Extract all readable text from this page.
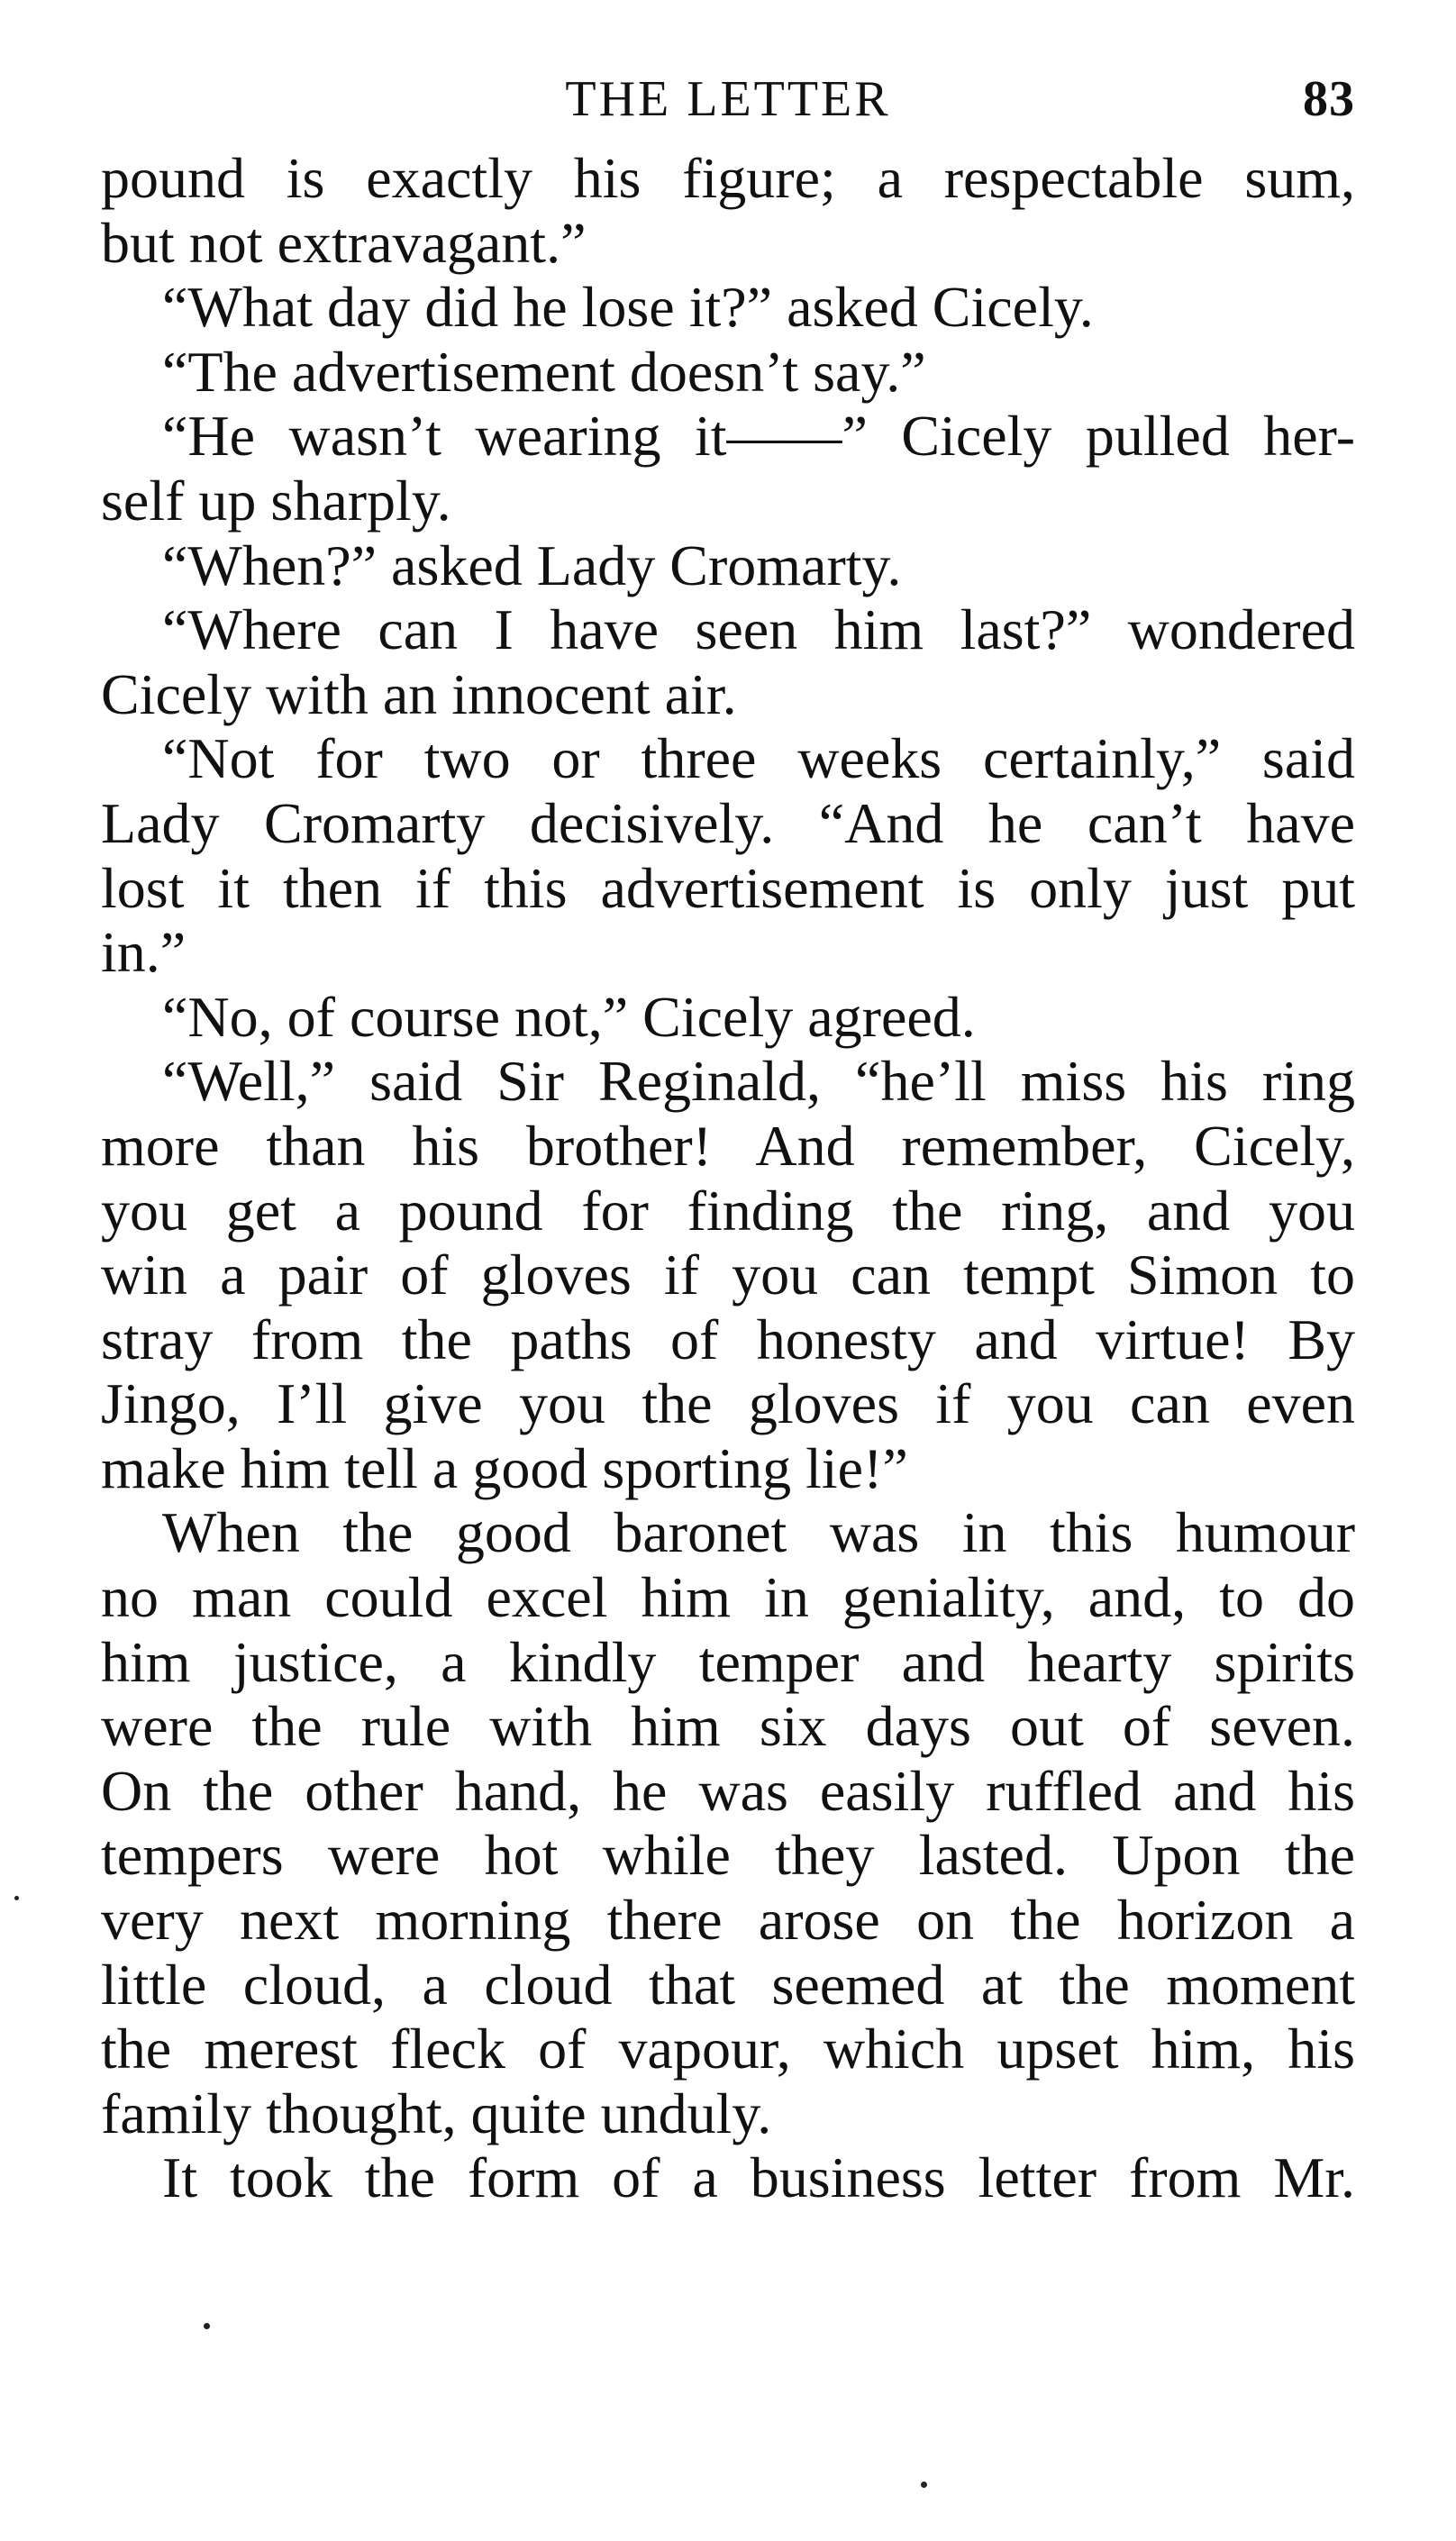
THE LETTER	83
pound is exactly his figure; a respectable sum,
but not extravagant.”
“What day did he lose it?” asked Cicely.
“The advertisement doesn’t say.”
“He wasn’t wearing it——” Cicely pulled her-
self up sharply.
“When?” asked Lady Cromarty.
“Where can I have seen him last?” wondered
Cicely with an innocent air.
“Not for two or three weeks certainly,” said
Lady Cromarty decisively. “And he can’t have
lost it then if this advertisement is only just put
in.”
“No, of course not,” Cicely agreed.
“Well,” said Sir Reginald, “he’ll miss his ring
more than his brother! And remember, Cicely,
you get a pound for finding the ring, and you
win a pair of gloves if you can tempt Simon to
stray from the paths of honesty and virtue! By
Jingo, I’ll give you the gloves if you can even
make him tell a good sporting lie!”
When the good baronet was in this humour
no man could excel him in geniality, and, to do
him justice, a kindly temper and hearty spirits
were the rule with him six days out of seven.
On the other hand, he was easily ruffled and his
tempers were hot while they lasted. Upon the
very next morning there arose on the horizon a
little cloud, a cloud that seemed at the moment
the merest fleck of vapour, which upset him, his
family thought, quite unduly.
It took the form of a business letter from Mr.
